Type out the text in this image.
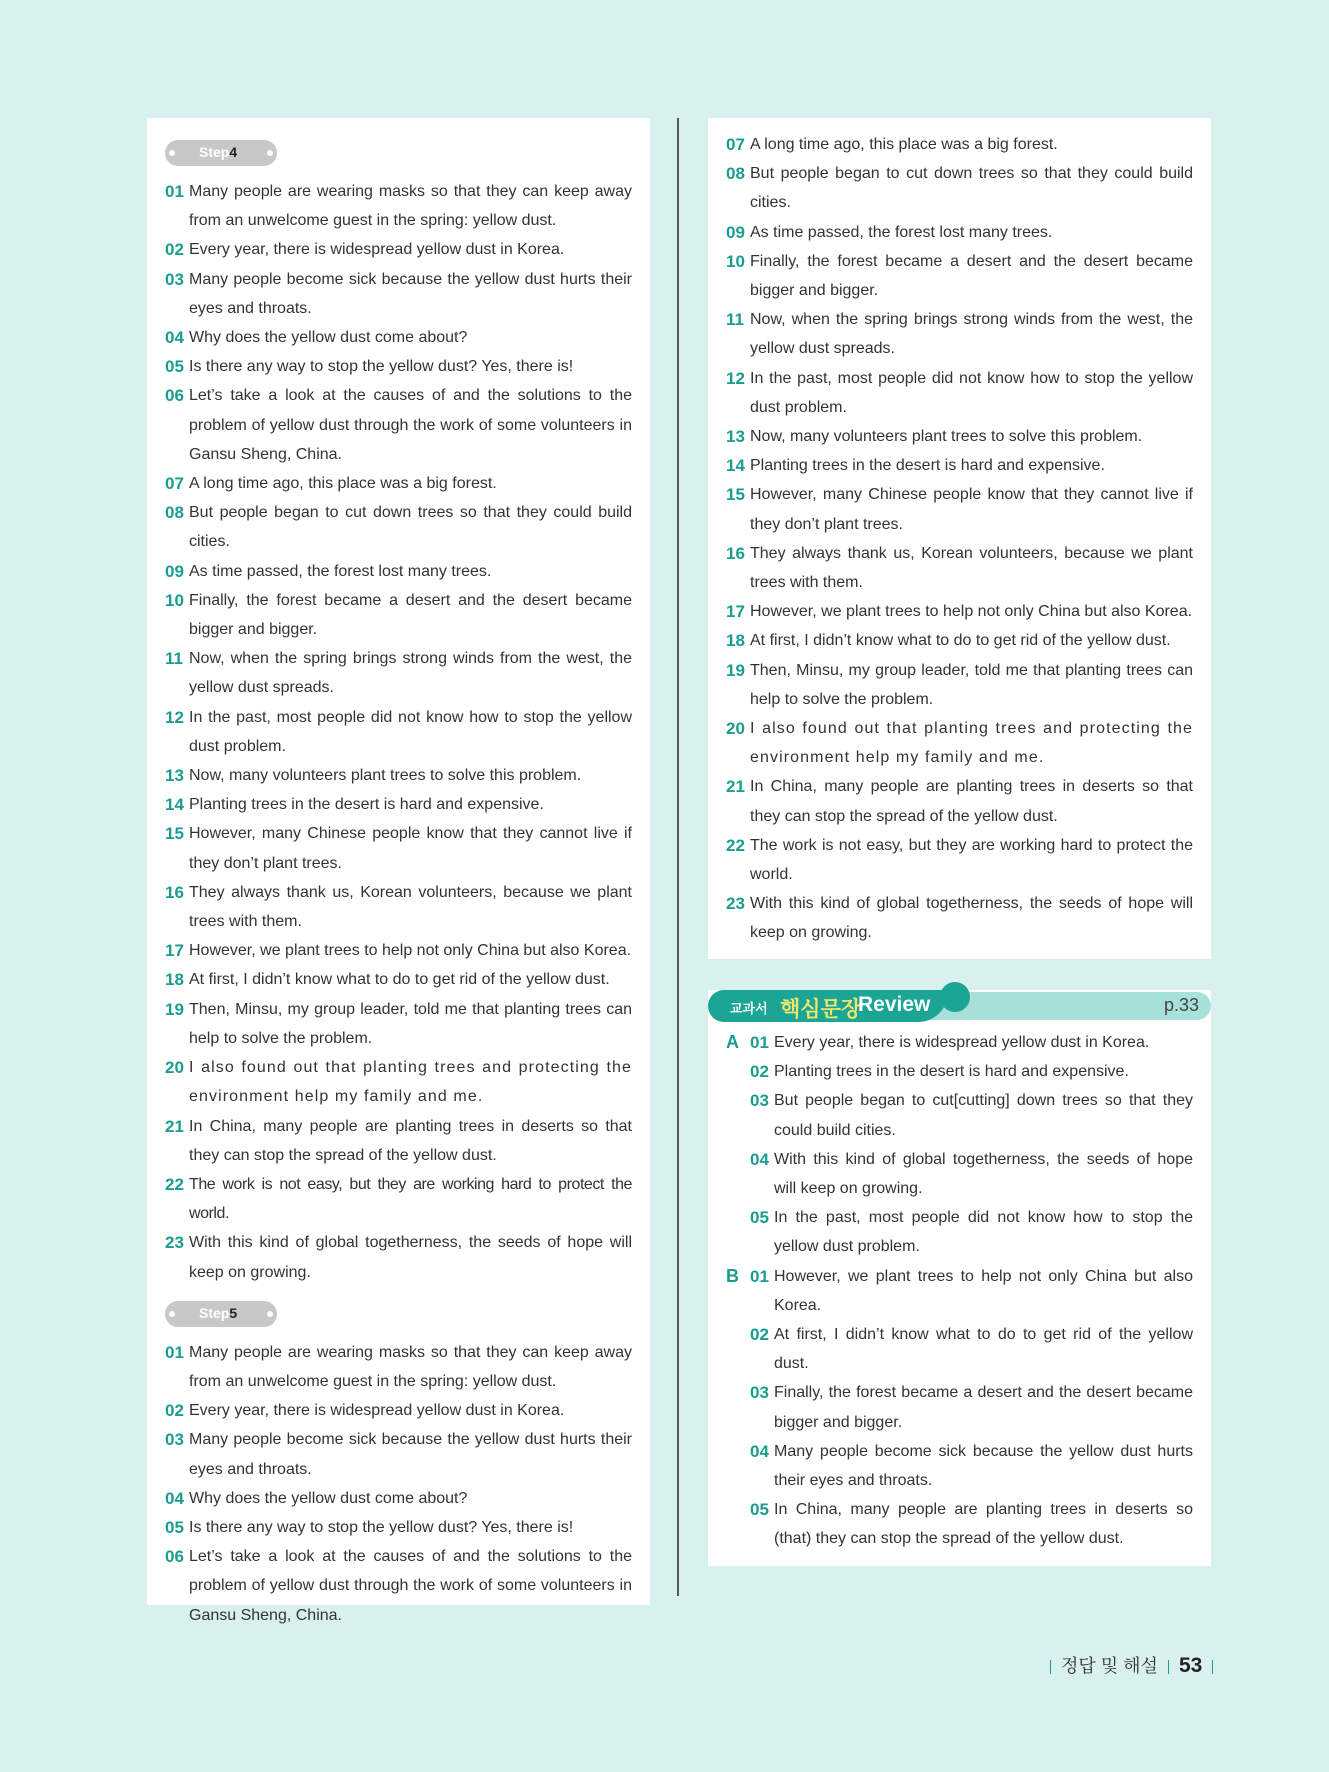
Step4
01 Many people are wearing masks so that they can keep away from an unwelcome guest in the spring: yellow dust.
02 Every year, there is widespread yellow dust in Korea.
03 Many people become sick because the yellow dust hurts their eyes and throats.
04 Why does the yellow dust come about?
05 Is there any way to stop the yellow dust? Yes, there is!
06 Let’s take a look at the causes of and the solutions to the problem of yellow dust through the work of some volunteers in Gansu Sheng, China.
07 A long time ago, this place was a big forest.
08 But people began to cut down trees so that they could build cities.
09 As time passed, the forest lost many trees.
10 Finally, the forest became a desert and the desert became bigger and bigger.
11 Now, when the spring brings strong winds from the west, the yellow dust spreads.
12 In the past, most people did not know how to stop the yellow dust problem.
13 Now, many volunteers plant trees to solve this problem.
14 Planting trees in the desert is hard and expensive.
15 However, many Chinese people know that they cannot live if they don’t plant trees.
16 They always thank us, Korean volunteers, because we plant trees with them.
17 However, we plant trees to help not only China but also Korea.
18 At first, I didn’t know what to do to get rid of the yellow dust.
19 Then, Minsu, my group leader, told me that planting trees can help to solve the problem.
20 I also found out that planting trees and protecting the environment help my family and me.
21 In China, many people are planting trees in deserts so that they can stop the spread of the yellow dust.
22 The work is not easy, but they are working hard to protect the world.
23 With this kind of global togetherness, the seeds of hope will keep on growing.
Step5
01 Many people are wearing masks so that they can keep away from an unwelcome guest in the spring: yellow dust.
02 Every year, there is widespread yellow dust in Korea.
03 Many people become sick because the yellow dust hurts their eyes and throats.
04 Why does the yellow dust come about?
05 Is there any way to stop the yellow dust? Yes, there is!
06 Let’s take a look at the causes of and the solutions to the problem of yellow dust through the work of some volunteers in Gansu Sheng, China.
07 A long time ago, this place was a big forest.
08 But people began to cut down trees so that they could build cities.
09 As time passed, the forest lost many trees.
10 Finally, the forest became a desert and the desert became bigger and bigger.
11 Now, when the spring brings strong winds from the west, the yellow dust spreads.
12 In the past, most people did not know how to stop the yellow dust problem.
13 Now, many volunteers plant trees to solve this problem.
14 Planting trees in the desert is hard and expensive.
15 However, many Chinese people know that they cannot live if they don’t plant trees.
16 They always thank us, Korean volunteers, because we plant trees with them.
17 However, we plant trees to help not only China but also Korea.
18 At first, I didn’t know what to do to get rid of the yellow dust.
19 Then, Minsu, my group leader, told me that planting trees can help to solve the problem.
20 I also found out that planting trees and protecting the environment help my family and me.
21 In China, many people are planting trees in deserts so that they can stop the spread of the yellow dust.
22 The work is not easy, but they are working hard to protect the world.
23 With this kind of global togetherness, the seeds of hope will keep on growing.
교과서 핵심문장
Review	p.33
A 01 Every year, there is widespread yellow dust in Korea.
02 Planting trees in the desert is hard and expensive.
03 But people began to cut[cutting] down trees so that they could build cities.
04 With this kind of global togetherness, the seeds of hope will keep on growing.
05 In the past, most people did not know how to stop the yellow dust problem.
B 01 However, we plant trees to help not only China but also Korea.
02 At first, I didn’t know what to do to get rid of the yellow dust.
03 Finally, the forest became a desert and the desert became bigger and bigger.
04 Many people become sick because the yellow dust hurts their eyes and throats.
05 In China, many people are planting trees in deserts so (that) they can stop the spread of the yellow dust.
정답 및 해설 53
